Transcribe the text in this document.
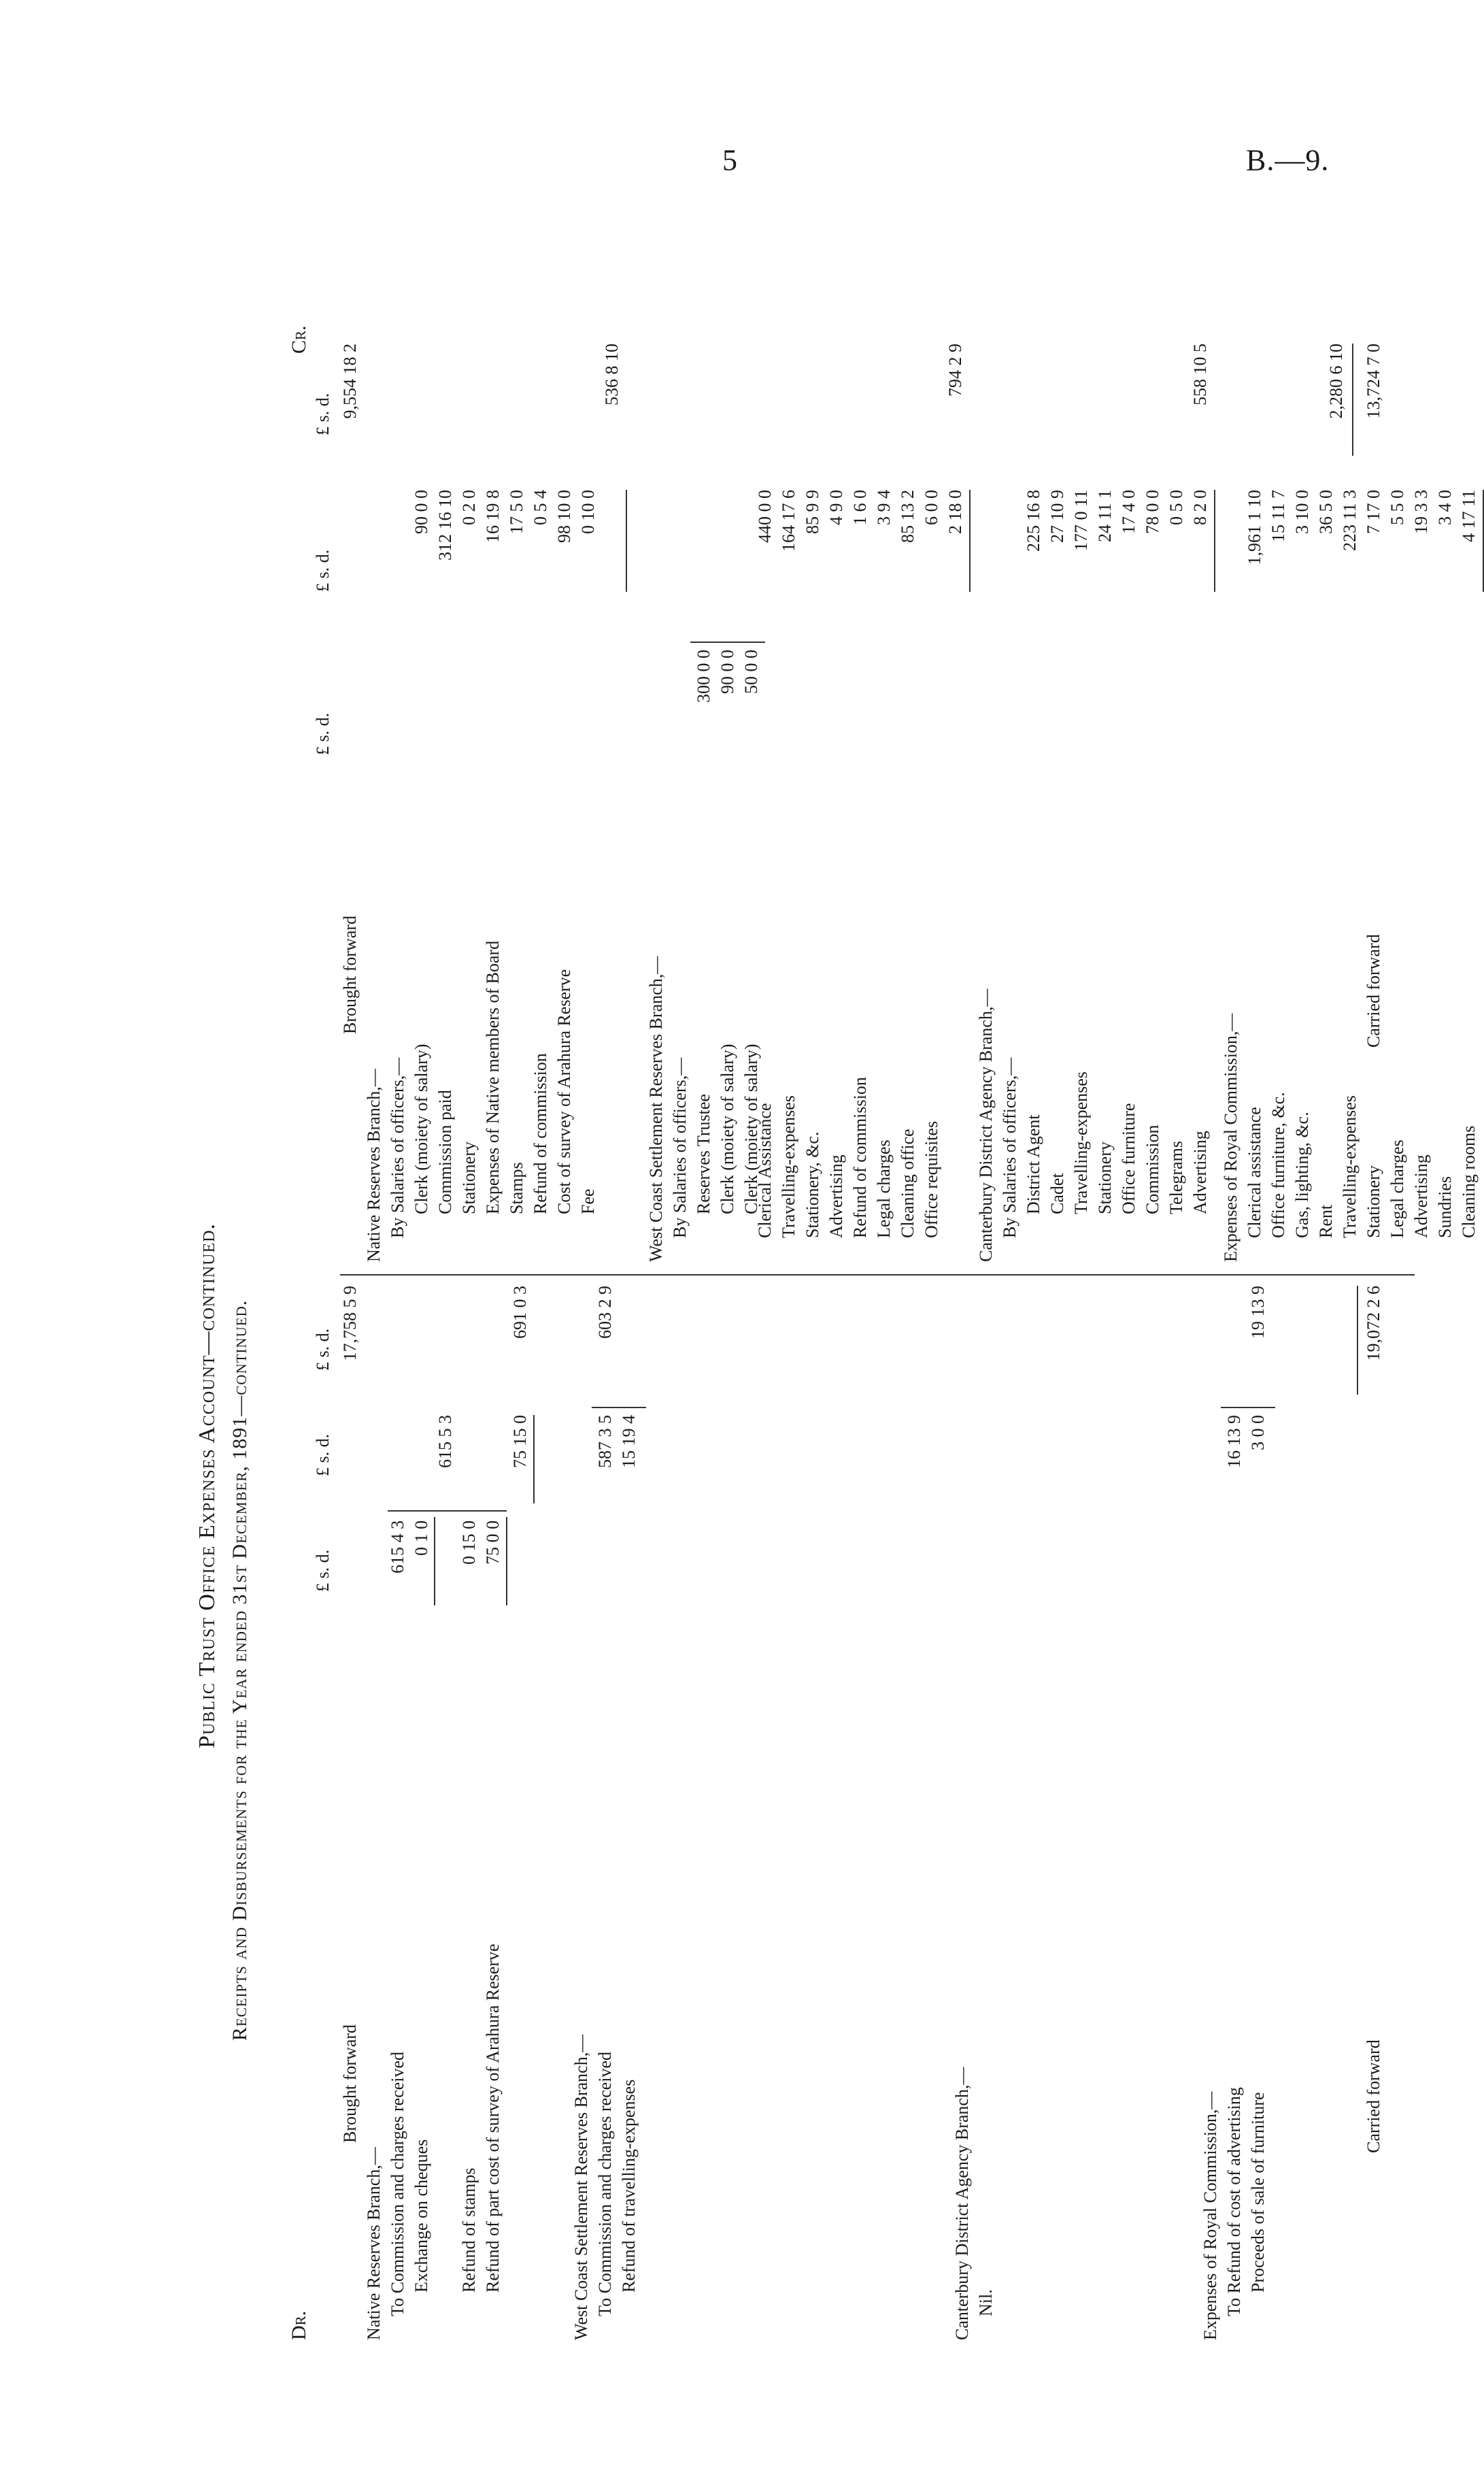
5	B.—9.
Public Trust Office Expenses Account—continued. Receipts and Disbursements for the Year ended 31st December, 1891—continued.
Dr.
Cr.
£ s. d.
£ s. d.
£ s. d.
£ s. d.
£ s. d.
£ s. d.
Brought forward
17,758 5 9
Native Reserves Branch,— To Commission and charges received
615 4 3
Exchange on cheques
0 1 0
615 5 3
Refund of stamps
0 15 0
Refund of part cost of survey of Arahura Reserve
75 0 0
75 15 0
691 0 3
West Coast Settlement Reserves Branch,— To Commission and charges received
587 3 5
Refund of travelling-expenses
15 19 4
603 2 9
Canterbury District Agency Branch,— Nil.	Expenses of Royal Commission,— To Refund of cost of advertising
16 13 9
Proceeds of sale of furniture
3 0 0
19 13 9
Carried forward
19,072 2 6
Brought forward
9,554 18 2
Native Reserves Branch,— By Salaries of officers,— Clerk (moiety of salary)
90 0 0
Commission paid
312 16 10
Stationery
0 2 0
Expenses of Native members of Board
16 19 8
Stamps
17 5 0
Refund of commission
0 5 4
Cost of survey of Arahura Reserve
98 10 0
Fee
0 10 0
536 8 10
West Coast Settlement Reserves Branch,— By Salaries of officers,— Reserves Trustee
300 0 0
Clerk (moiety of salary)
90 0 0
Clerk (moiety of salary)
50 0 0
Clerical Assistance
440 0 0
Travelling-expenses
164 17 6
Stationery, &c.
85 9 9
Advertising
4 9 0
Refund of commission
1 6 0
Legal charges
3 9 4
Cleaning office
85 13 2
Office requisites
6 0 0 2 18 0
794 2 9
Canterbury District Agency Branch,— By Salaries of officers,— District Agent
225 16 8
Cadet
27 10 9
Travelling-expenses
177 0 11
Stationery
24 11 1
Office furniture
17 4 0
Commission
78 0 0
Telegrams
0 5 0
Advertising
8 2 0
558 10 5
Expenses of Royal Commission,— Clerical assistance
1,961 1 10
Office furniture, &c.
15 11 7
Gas, lighting, &c.
3 10 0
Rent
36 5 0
Travelling-expenses
223 11 3
Stationery
7 17 0
Legal charges
5 5 0
Advertising
19 3 3
Sundries
3 4 0
Cleaning rooms
4 17 11
2,280 6 10
Carried forward
13,724 7 0
